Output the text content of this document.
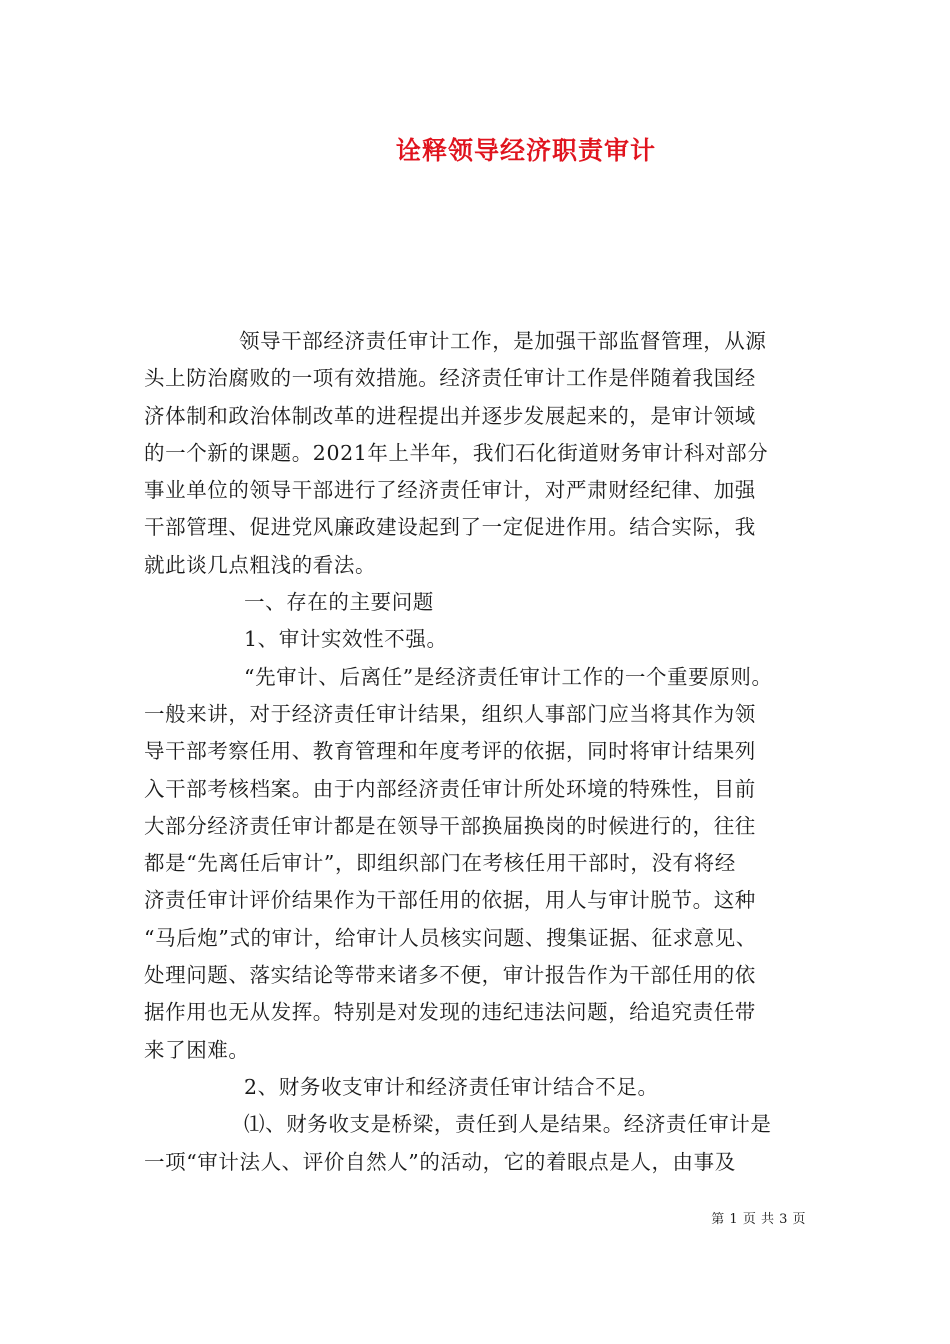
诠释领导经济职责审计
领导干部经济责任审计工作，是加强干部监督管理，从源
头上防治腐败的一项有效措施。经济责任审计工作是伴随着我国经
济体制和政治体制改革的进程提出并逐步发展起来的，是审计领域
的一个新的课题。2021年上半年，我们石化街道财务审计科对部分
事业单位的领导干部进行了经济责任审计，对严肃财经纪律、加强
干部管理、促进党风廉政建设起到了一定促进作用。结合实际，我
就此谈几点粗浅的看法。
一、存在的主要问题
1、审计实效性不强。
“先审计、后离任”是经济责任审计工作的一个重要原则。
一般来讲，对于经济责任审计结果，组织人事部门应当将其作为领
导干部考察任用、教育管理和年度考评的依据，同时将审计结果列
入干部考核档案。由于内部经济责任审计所处环境的特殊性，目前
大部分经济责任审计都是在领导干部换届换岗的时候进行的，往往
都是“先离任后审计”，即组织部门在考核任用干部时，没有将经
济责任审计评价结果作为干部任用的依据，用人与审计脱节。这种
“马后炮”式的审计，给审计人员核实问题、搜集证据、征求意见、
处理问题、落实结论等带来诸多不便，审计报告作为干部任用的依
据作用也无从发挥。特别是对发现的违纪违法问题，给追究责任带
来了困难。
2、财务收支审计和经济责任审计结合不足。
⑴、财务收支是桥梁，责任到人是结果。经济责任审计是
一项“审计法人、评价自然人”的活动，它的着眼点是人，由事及
第 1 页 共 3 页
